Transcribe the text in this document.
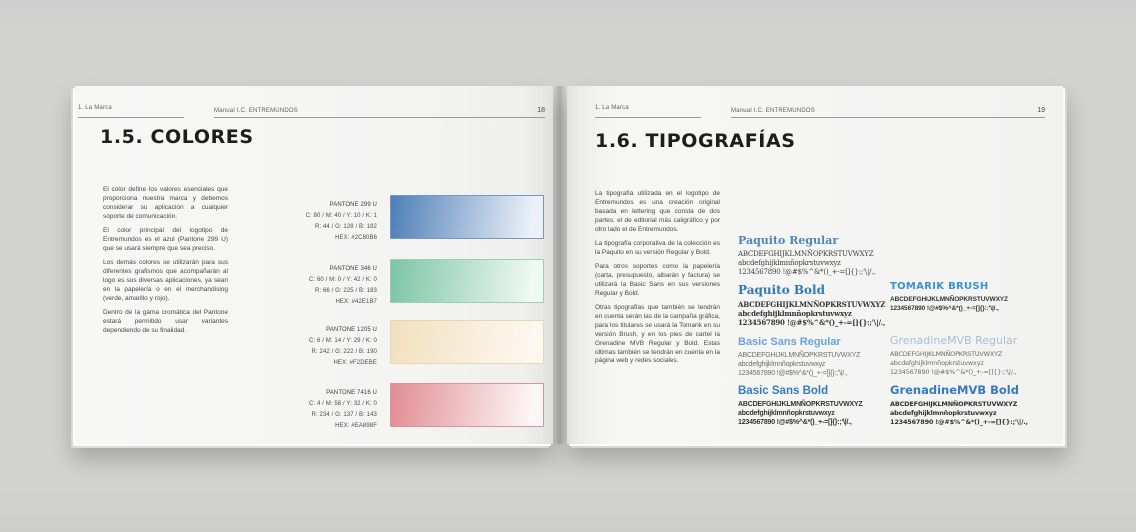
1. La Marca	Manual I.C. ENTREMUNDOS	18
1.5. COLORES

El color define los valores esenciales que proporciona nuestra marca y debemos considerar su aplicación a cualquier soporte de comunicación.

El color principal del logotipo de Entremundos es el azul (Pantone 299 U) que se usará siempre que sea preciso.

Los demás colores se utilizarán para sus diferentes grafismos que acompañarán al logo es sus diversas aplicaciones, ya sean en la papelería o en el merchandising (verde, amarillo y rojo).

Dentro de la gama cromática del Pantone estará permitido usar variantes dependiendo de su finalidad.

PANTONE 299 U
C: 80 / M: 40 / Y: 10 / K: 1
R: 44 / G: 128 / B: 182
HEX: #2C80B6
PANTONE 346 U
C: 60 / M: 0 / Y: 42 / K: 0
R: 66 / G: 225 / B: 183
HEX: #42E1B7
PANTONE 1205 U
C: 6 / M: 14 / Y: 29 / K: 0
R: 242 / G: 222 / B: 190
HEX: #F2DEBE
PANTONE 7416 U
C: 4 / M: 58 / Y: 32 / K: 0
R: 234 / G: 137 / B: 143
HEX: #EA898F
1. La Marca	Manual I.C. ENTREMUNDOS	19
1.6. TIPOGRAFÍAS

La tipografía utilizada en el logotipo de Entremundos es una creación original basada en lettering que consta de dos partes: el de editorial más caligráfico y por otro lado el de Entremundos.

La tipografía corporativa de la colección es la Paquito en su versión Regular y Bold.

Para otros soportes como la papelería (carta, presupuesto, albarán y factura) se utilizará la Basic Sans en sus versiones Regular y Bold.

Otras tipografías que también se tendrán en cuenta serán las de la campaña gráfica, para los titulares se usará la Tomarik en su versión Brush, y en los pies de cartel la Grenadine MVB Regular y Bold. Estas últimas también se tendrán en cuenta en la página web y redes sociales.

Paquito Regular
ABCDEFGHIJKLMNÑOPKRSTUVWXYZ
abcdefghijklmnñopkrstuvwxyz
1234567890 !@#$%^&*()_+-=[]{}:;'\|/.,
Paquito Bold
ABCDEFGHIJKLMNÑOPKRSTUVWXYZ
abcdefghijklmnñopkrstuvwxyz
1234567890 !@#$%^&*()_+-=[]{}:;'\|/.,
Basic Sans Regular
ABCDEFGHIJKLMNÑOPKRSTUVWXYZ
abcdefghijklmnñopkrstuvwxyz
1234567890 !@#$%^&*()_+-=[]{}:;'\|/.,
Basic Sans Bold
ABCDEFGHIJKLMNÑOPKRSTUVWXYZ
abcdefghijklmnñopkrstuvwxyz
1234567890 !@#$%^&*()_+-=[]{}:;'\|/.,
TOMARIK BRUSH
ABCDEFGHIJKLMNÑOPKRSTUVWXYZ
1234567890 !@#$%^&*()_+-=[]{}::'\|/.,
GrenadineMVB Regular
ABCDEFGHIJKLMNÑOPKRSTUVWXYZ
abcdefghijklmnñopkrstuvwxyz
1234567890 !@#$%^&*()_+-=[]{}:;'\|/.,
GrenadineMVB Bold
ABCDEFGHIJKLMNÑOPKRSTUVWXYZ
abcdefghijklmnñopkrstuvwxyz
1234567890 !@#$%^&*()_+-=[]{}:;'\|/.,
